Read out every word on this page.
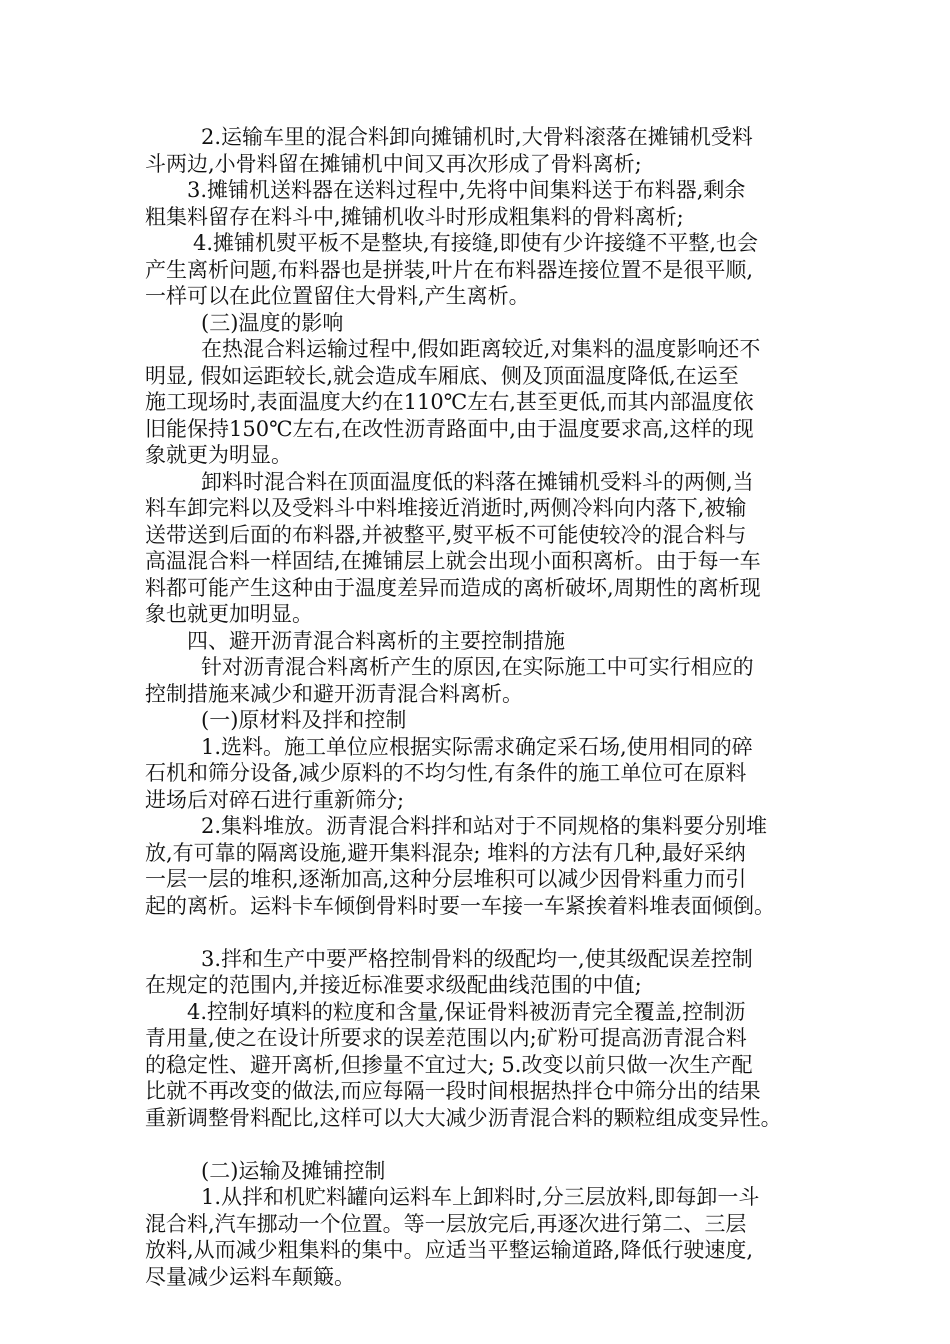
2.运输车里的混合料卸向摊铺机时,大骨料滚落在摊铺机受料
斗两边,小骨料留在摊铺机中间又再次形成了骨料离析;
3.摊铺机送料器在送料过程中,先将中间集料送于布料器,剩余
粗集料留存在料斗中,摊铺机收斗时形成粗集料的骨料离析;
4.摊铺机熨平板不是整块,有接缝,即使有少许接缝不平整,也会
产生离析问题,布料器也是拼装,叶片在布料器连接位置不是很平顺,
一样可以在此位置留住大骨料,产生离析。
(三)温度的影响
在热混合料运输过程中,假如距离较近,对集料的温度影响还不
明显, 假如运距较长,就会造成车厢底、侧及顶面温度降低,在运至
施工现场时,表面温度大约在110℃左右,甚至更低,而其内部温度依
旧能保持150℃左右,在改性沥青路面中,由于温度要求高,这样的现
象就更为明显。
卸料时混合料在顶面温度低的料落在摊铺机受料斗的两侧,当
料车卸完料以及受料斗中料堆接近消逝时,两侧冷料向内落下,被输
送带送到后面的布料器,并被整平,熨平板不可能使较冷的混合料与
高温混合料一样固结,在摊铺层上就会出现小面积离析。由于每一车
料都可能产生这种由于温度差异而造成的离析破坏,周期性的离析现
象也就更加明显。
四、避开沥青混合料离析的主要控制措施
针对沥青混合料离析产生的原因,在实际施工中可实行相应的
控制措施来减少和避开沥青混合料离析。
(一)原材料及拌和控制
1.选料。施工单位应根据实际需求确定采石场,使用相同的碎
石机和筛分设备,减少原料的不均匀性,有条件的施工单位可在原料
进场后对碎石进行重新筛分;
2.集料堆放。沥青混合料拌和站对于不同规格的集料要分别堆
放,有可靠的隔离设施,避开集料混杂; 堆料的方法有几种,最好采纳
一层一层的堆积,逐渐加高,这种分层堆积可以减少因骨料重力而引
起的离析。运料卡车倾倒骨料时要一车接一车紧挨着料堆表面倾倒。
3.拌和生产中要严格控制骨料的级配均一,使其级配误差控制
在规定的范围内,并接近标准要求级配曲线范围的中值;
4.控制好填料的粒度和含量,保证骨料被沥青完全覆盖,控制沥
青用量,使之在设计所要求的误差范围以内;矿粉可提高沥青混合料
的稳定性、避开离析,但掺量不宜过大; 5.改变以前只做一次生产配
比就不再改变的做法,而应每隔一段时间根据热拌仓中筛分出的结果
重新调整骨料配比,这样可以大大减少沥青混合料的颗粒组成变异性。
(二)运输及摊铺控制
1.从拌和机贮料罐向运料车上卸料时,分三层放料,即每卸一斗
混合料,汽车挪动一个位置。等一层放完后,再逐次进行第二、三层
放料,从而减少粗集料的集中。应适当平整运输道路,降低行驶速度,
尽量减少运料车颠簸。
